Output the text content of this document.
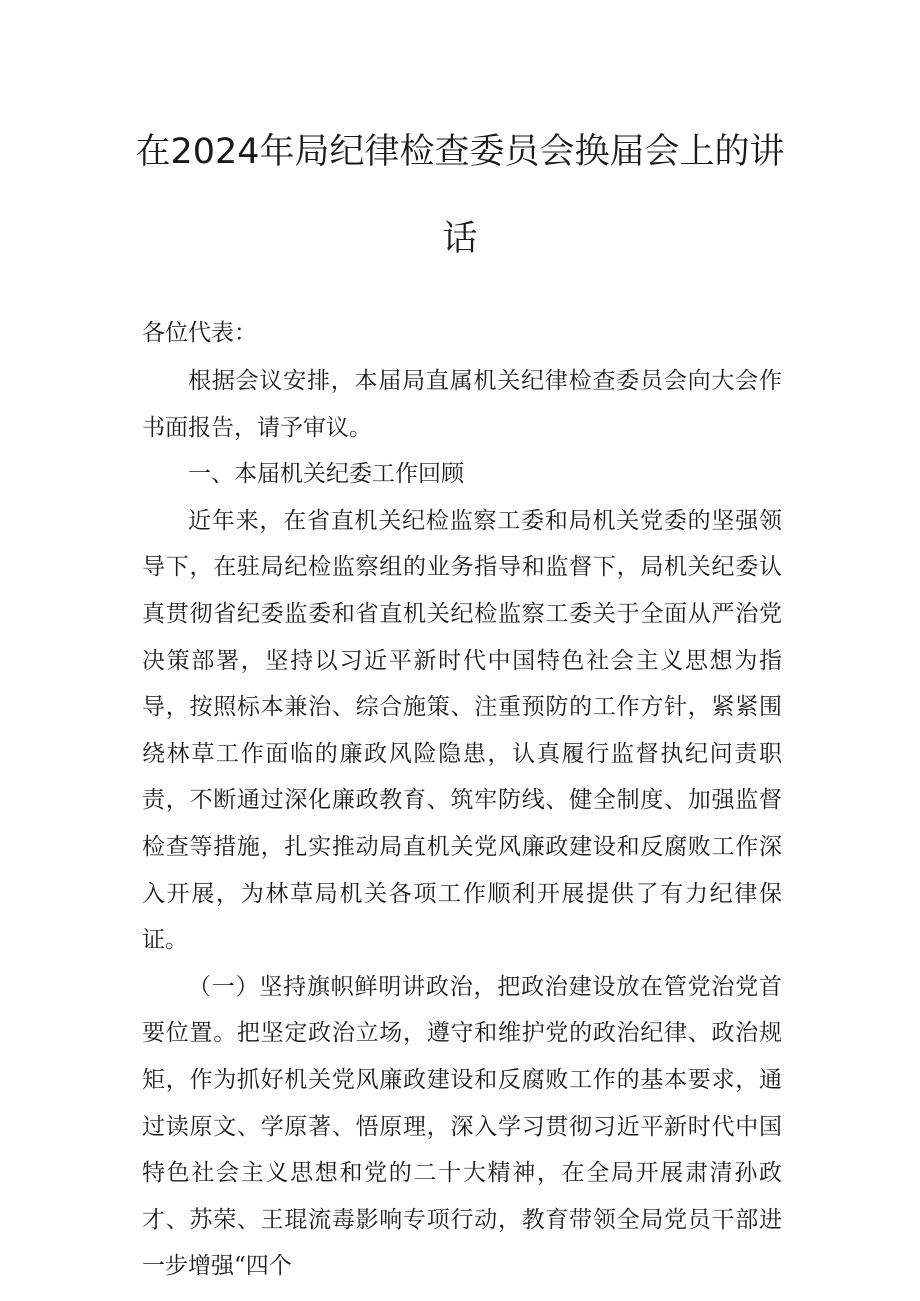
在2024年局纪律检查委员会换届会上的讲
话
各位代表：

根据会议安排，本届局直属机关纪律检查委员会向大会作书面报告，请予审议。

一、本届机关纪委工作回顾

近年来，在省直机关纪检监察工委和局机关党委的坚强领导下，在驻局纪检监察组的业务指导和监督下，局机关纪委认真贯彻省纪委监委和省直机关纪检监察工委关于全面从严治党决策部署，坚持以习近平新时代中国特色社会主义思想为指导，按照标本兼治、综合施策、注重预防的工作方针，紧紧围绕林草工作面临的廉政风险隐患，认真履行监督执纪问责职责，不断通过深化廉政教育、筑牢防线、健全制度、加强监督检查等措施，扎实推动局直机关党风廉政建设和反腐败工作深入开展，为林草局机关各项工作顺利开展提供了有力纪律保证。

（一）坚持旗帜鲜明讲政治，把政治建设放在管党治党首要位置。把坚定政治立场，遵守和维护党的政治纪律、政治规矩，作为抓好机关党风廉政建设和反腐败工作的基本要求，通过读原文、学原著、悟原理，深入学习贯彻习近平新时代中国特色社会主义思想和党的二十大精神，在全局开展肃清孙政才、苏荣、王琨流毒影响专项行动，教育带领全局党员干部进一步增强“四个
